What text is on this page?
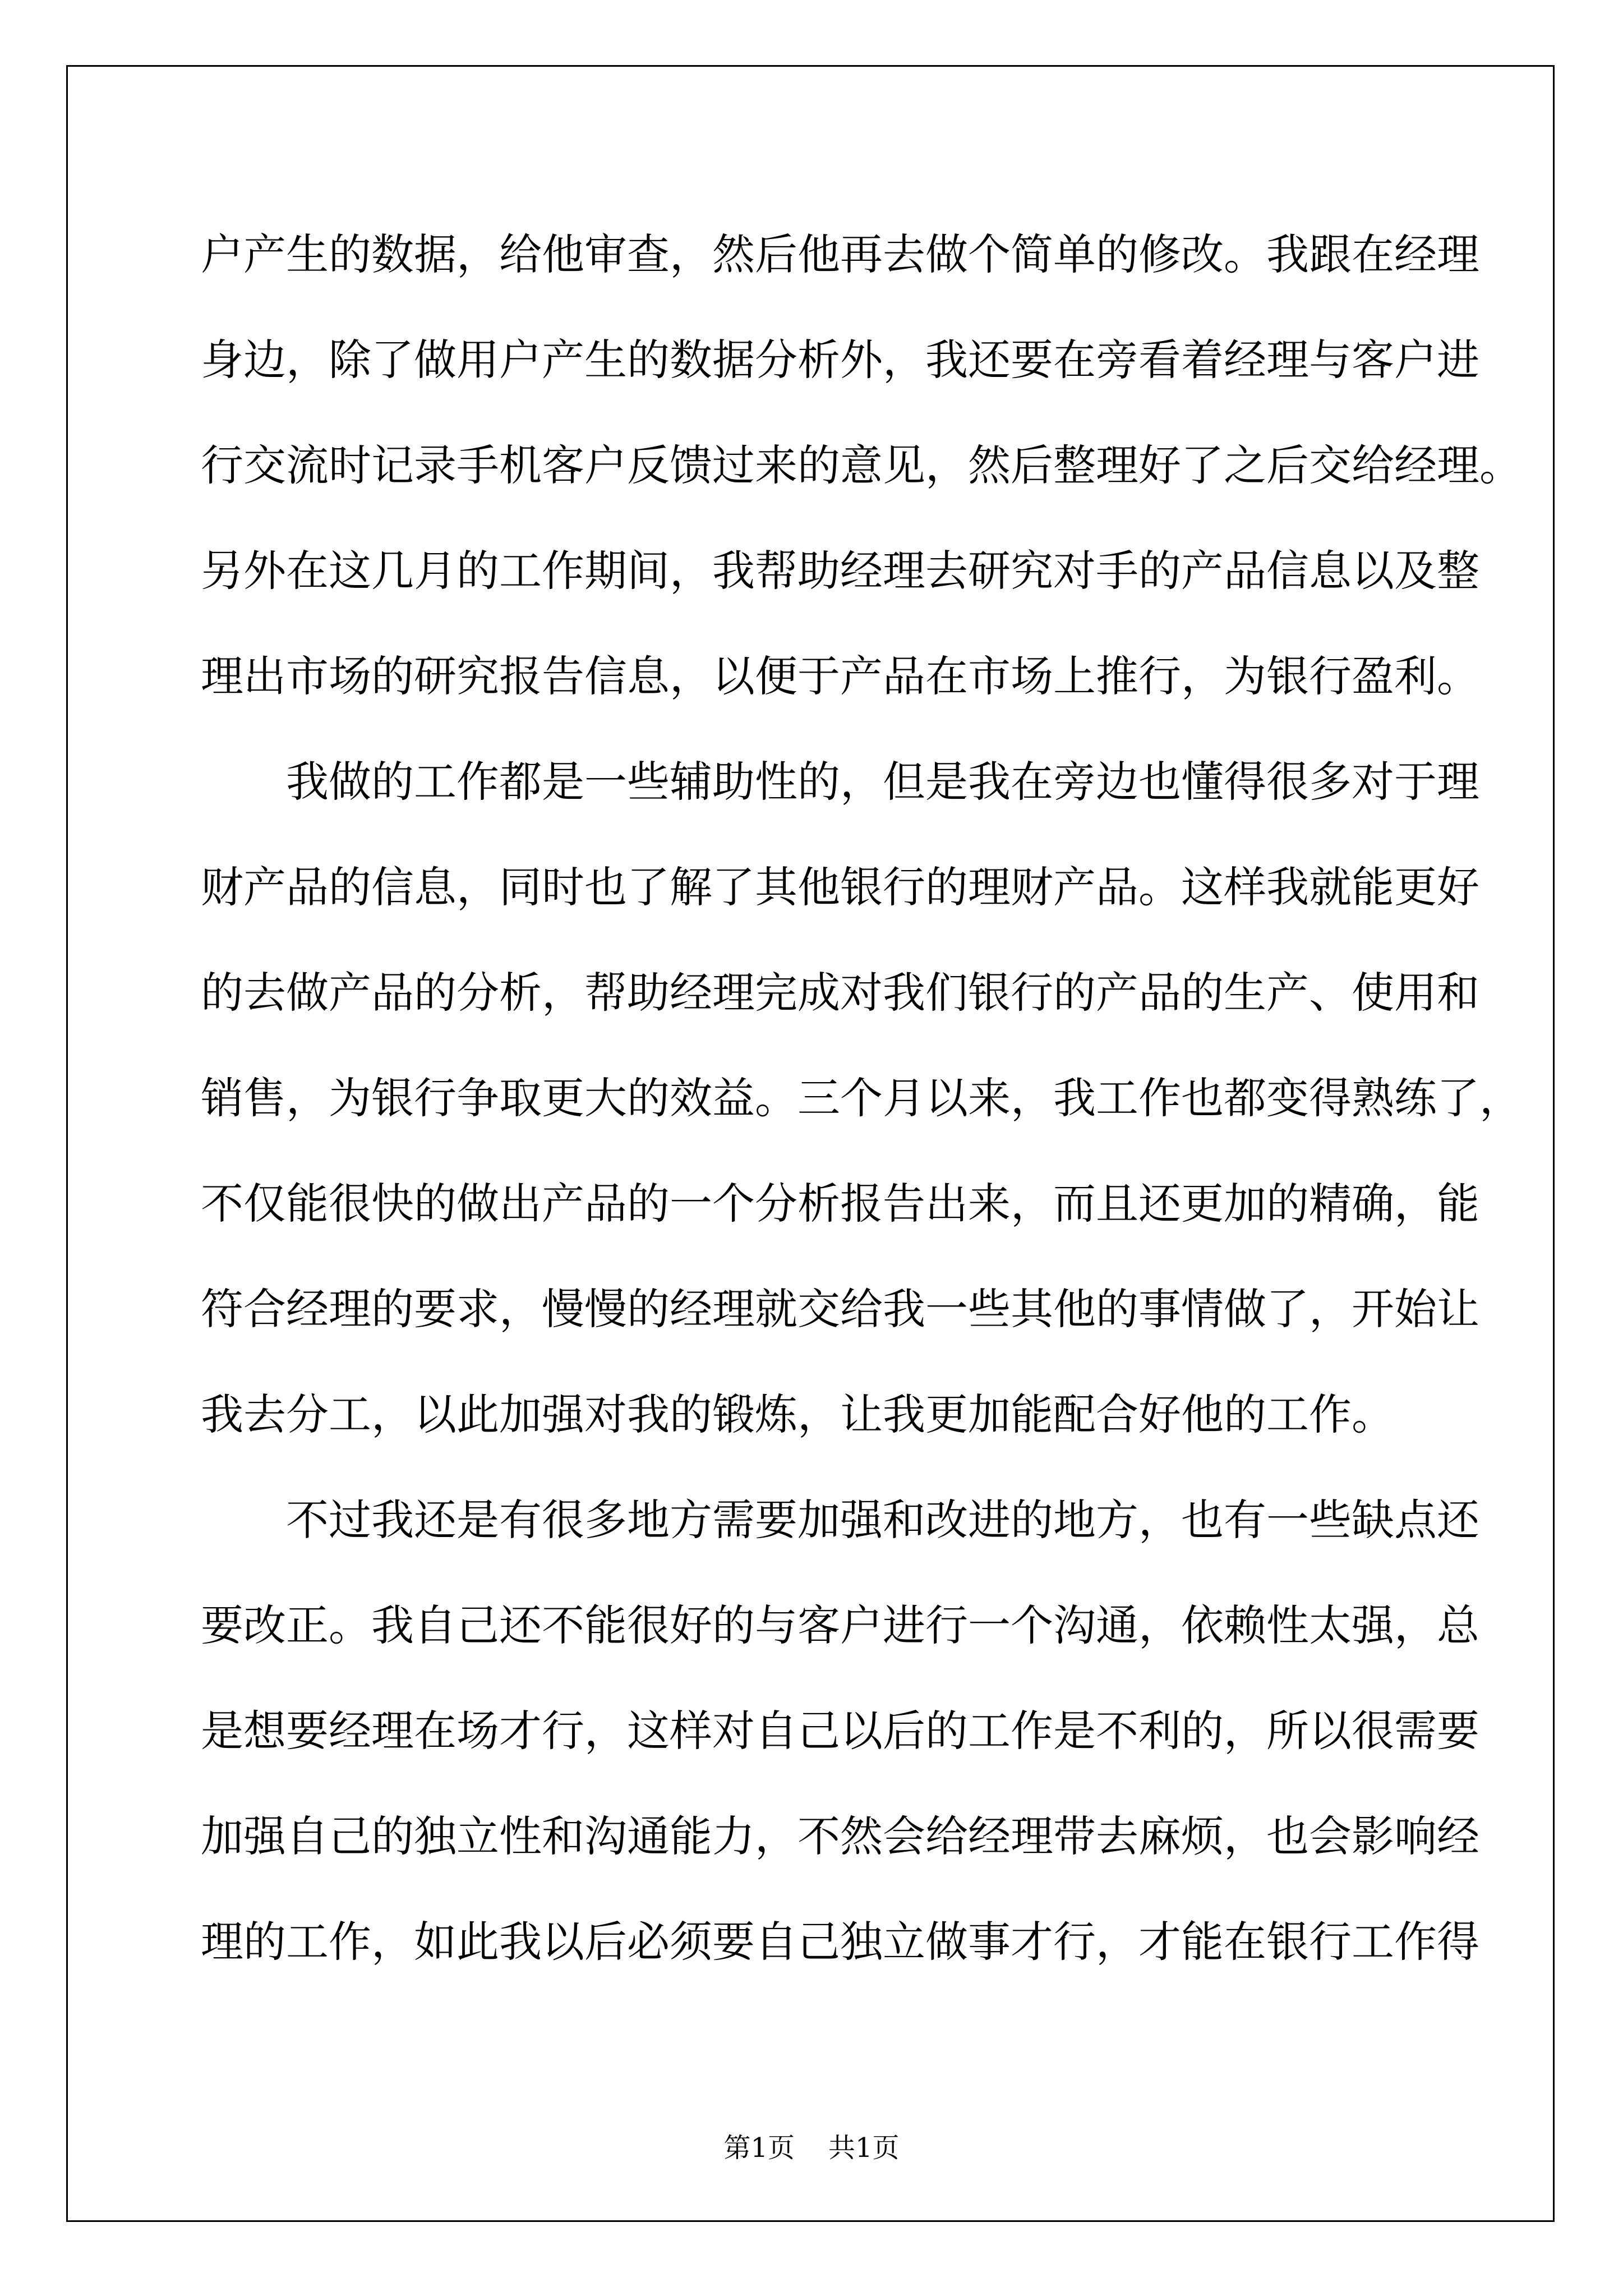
户产生的数据，给他审查，然后他再去做个简单的修改。我跟在经理
身边，除了做用户产生的数据分析外，我还要在旁看着经理与客户进
行交流时记录手机客户反馈过来的意见，然后整理好了之后交给经理。
另外在这几月的工作期间，我帮助经理去研究对手的产品信息以及整
理出市场的研究报告信息，以便于产品在市场上推行，为银行盈利。
我做的工作都是一些辅助性的，但是我在旁边也懂得很多对于理
财产品的信息，同时也了解了其他银行的理财产品。这样我就能更好
的去做产品的分析，帮助经理完成对我们银行的产品的生产、使用和
销售，为银行争取更大的效益。三个月以来，我工作也都变得熟练了，
不仅能很快的做出产品的一个分析报告出来，而且还更加的精确，能
符合经理的要求，慢慢的经理就交给我一些其他的事情做了，开始让
我去分工，以此加强对我的锻炼，让我更加能配合好他的工作。
不过我还是有很多地方需要加强和改进的地方，也有一些缺点还
要改正。我自己还不能很好的与客户进行一个沟通，依赖性太强，总
是想要经理在场才行，这样对自己以后的工作是不利的，所以很需要
加强自己的独立性和沟通能力，不然会给经理带去麻烦，也会影响经
理的工作，如此我以后必须要自己独立做事才行，才能在银行工作得
第1页 共1页
